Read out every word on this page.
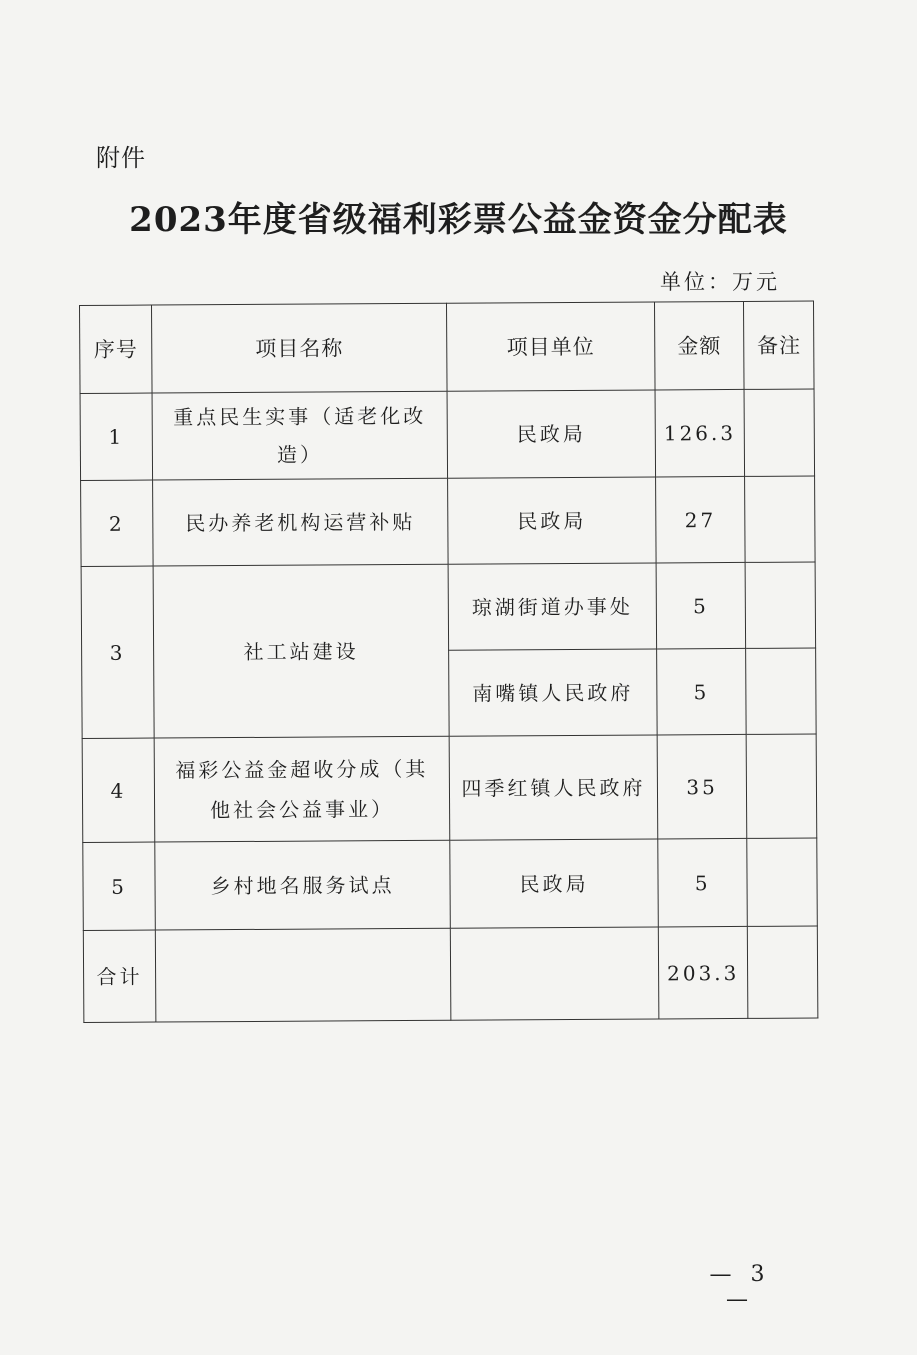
附件
2023年度省级福利彩票公益金资金分配表
单位：万元
序号	项目名称	项目单位	金额	备注
1	重点民生实事（适老化改造）	民政局	126.3	
2	民办养老机构运营补贴	民政局	27	
3	社工站建设	琼湖街道办事处	5	
		南嘴镇人民政府	5	
4	福彩公益金超收分成（其他社会公益事业）	四季红镇人民政府	35	
5	乡村地名服务试点	民政局	5	
合计			203.3	
— 3 —
